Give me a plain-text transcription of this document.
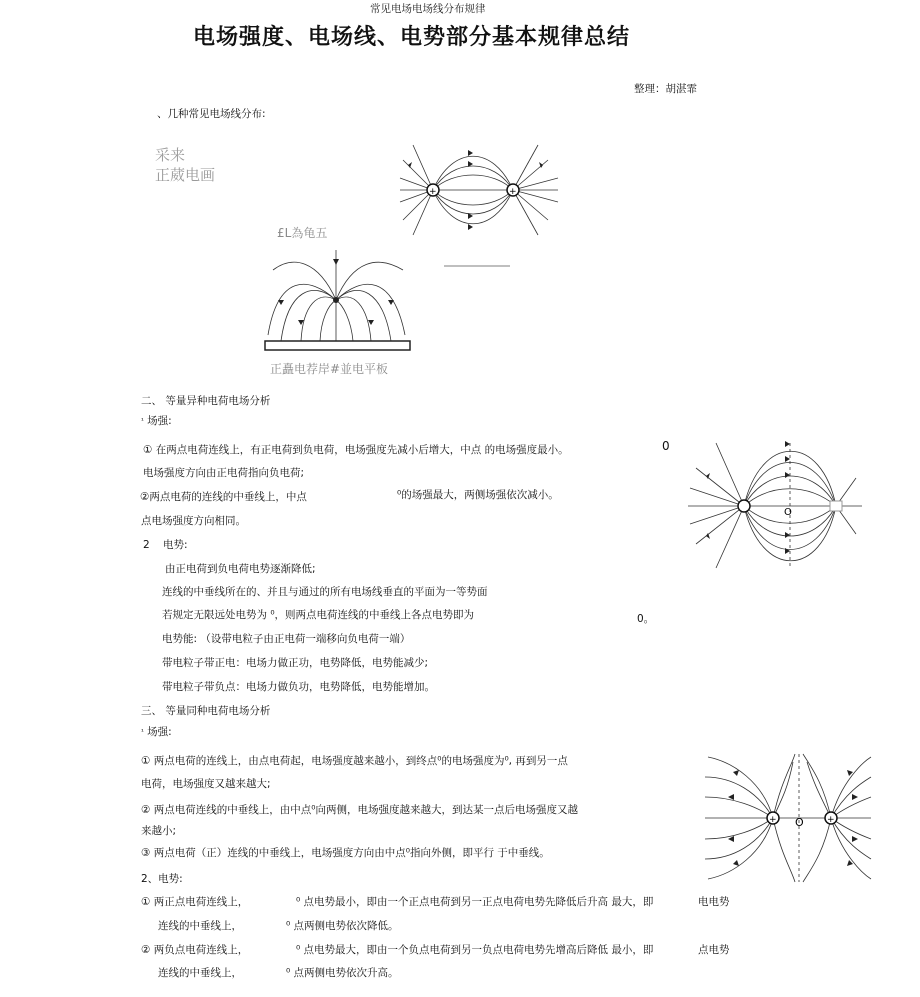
常见电场电场线分布规律
电场强度、电场线、电势部分基本规律总结
整理：胡湛霏
、几种常见电场线分布:
采来
正葳电画
£L為龟五
+	+
正矗电荐岸#並电平板
二、 等量异种电荷电场分析
$^{^1}$ 场强:
① 在两点电荷连线上，有正电荷到负电荷，电场强度先减小后增大，中点 的电场强度最小。	0
电场强度方向由正电荷指向负电荷;
②两点电荷的连线的中垂线上，中点	⁰的场强最大，两侧场强依次减小。
点电场强度方向相同。
2 电势:
由正电荷到负电荷电势逐渐降低;
连线的中垂线所在的、并且与通过的所有电场线垂直的平面为一等势面
若规定无限远处电势为 ⁰，则两点电荷连线的中垂线上各点电势即为	0。
电势能: （设带电粒子由正电荷一端移向负电荷一端）
带电粒子带正电：电场力做正功，电势降低，电势能减少;
带电粒子带负点：电场力做负功，电势降低，电势能增加。
O
三、 等量同种电荷电场分析
$^{^1}$ 场强:
① 两点电荷的连线上，由点电荷起，电场强度越来越小，到终点⁰的电场强度为⁰, 再到另一点
电荷，电场强度又越来越大;
② 两点电荷连线的中垂线上，由中点⁰向两侧，电场强度越来越大，到达某一点后电场强度又越
来越小;
③ 两点电荷（正）连线的中垂线上，电场强度方向由中点⁰指向外侧，即平行 于中垂线。
2、电势:
① 两正点电荷连线上，	⁰ 点电势最小，即由一个正点电荷到另一正点电荷电势先降低后升高 最大，即	电电势
连线的中垂线上，	⁰ 点两侧电势依次降低。
② 两负点电荷连线上，	⁰ 点电势最大，即由一个负点电荷到另一负点电荷电势先增高后降低 最小，即	点电势
连线的中垂线上，	⁰ 点两侧电势依次升高。
+	+
O
